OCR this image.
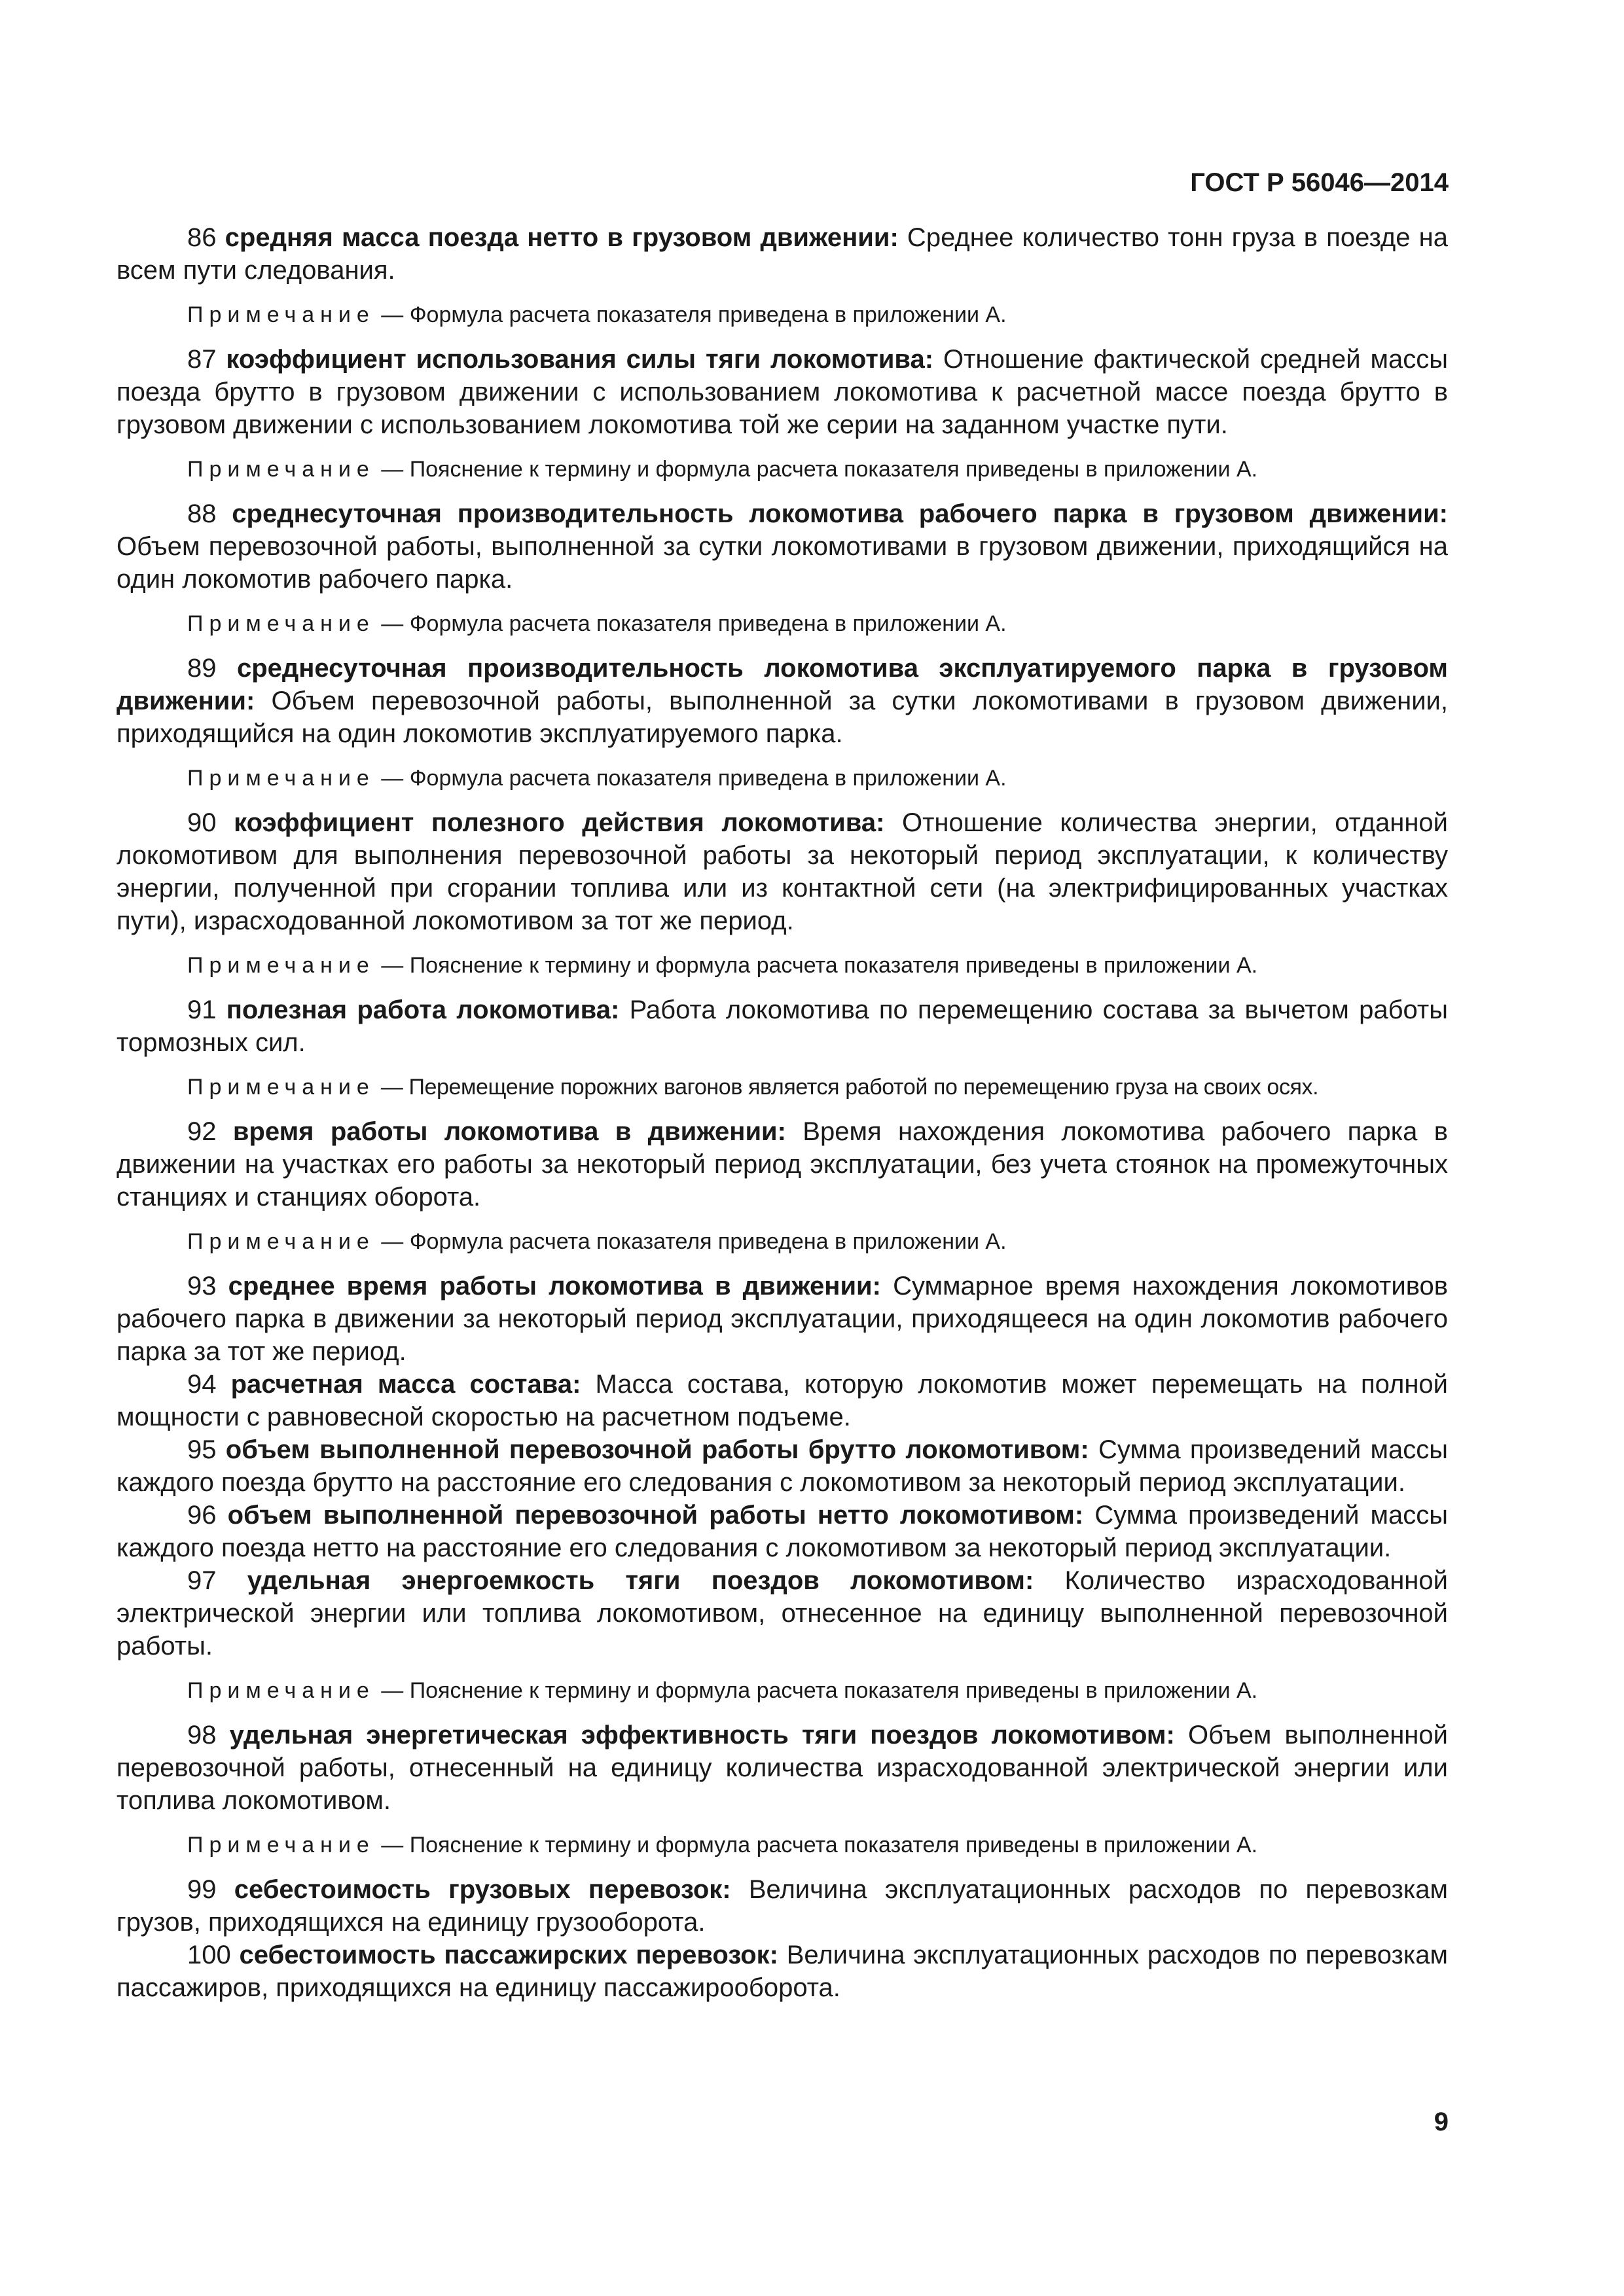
ГОСТ Р 56046—2014

86 средняя масса поезда нетто в грузовом движении: Среднее количество тонн груза в поезде на всем пути следования.

Примечание — Формула расчета показателя приведена в приложении А.

87 коэффициент использования силы тяги локомотива: Отношение фактической средней массы поезда брутто в грузовом движении с использованием локомотива к расчетной массе поезда брутто в грузовом движении с использованием локомотива той же серии на заданном участке пути.

Примечание — Пояснение к термину и формула расчета показателя приведены в приложении А.

88 среднесуточная производительность локомотива рабочего парка в грузовом движении: Объем перевозочной работы, выполненной за сутки локомотивами в грузовом движении, приходящийся на один локомотив рабочего парка.

Примечание — Формула расчета показателя приведена в приложении А.

89 среднесуточная производительность локомотива эксплуатируемого парка в грузовом движении: Объем перевозочной работы, выполненной за сутки локомотивами в грузовом движении, приходящийся на один локомотив эксплуатируемого парка.

Примечание — Формула расчета показателя приведена в приложении А.

90 коэффициент полезного действия локомотива: Отношение количества энергии, отданной локомотивом для выполнения перевозочной работы за некоторый период эксплуатации, к количеству энергии, полученной при сгорании топлива или из контактной сети (на электрифицированных участках пути), израсходованной локомотивом за тот же период.

Примечание — Пояснение к термину и формула расчета показателя приведены в приложении А.

91 полезная работа локомотива: Работа локомотива по перемещению состава за вычетом работы тормозных сил.

Примечание — Перемещение порожних вагонов является работой по перемещению груза на своих осях.

92 время работы локомотива в движении: Время нахождения локомотива рабочего парка в движении на участках его работы за некоторый период эксплуатации, без учета стоянок на промежуточных станциях и станциях оборота.

Примечание — Формула расчета показателя приведена в приложении А.

93 среднее время работы локомотива в движении: Суммарное время нахождения локомотивов рабочего парка в движении за некоторый период эксплуатации, приходящееся на один локомотив рабочего парка за тот же период.

94 расчетная масса состава: Масса состава, которую локомотив может перемещать на полной мощности с равновесной скоростью на расчетном подъеме.

95 объем выполненной перевозочной работы брутто локомотивом: Сумма произведений массы каждого поезда брутто на расстояние его следования с локомотивом за некоторый период эксплуатации.

96 объем выполненной перевозочной работы нетто локомотивом: Сумма произведений массы каждого поезда нетто на расстояние его следования с локомотивом за некоторый период эксплуатации.

97 удельная энергоемкость тяги поездов локомотивом: Количество израсходованной электрической энергии или топлива локомотивом, отнесенное на единицу выполненной перевозочной работы.

Примечание — Пояснение к термину и формула расчета показателя приведены в приложении А.

98 удельная энергетическая эффективность тяги поездов локомотивом: Объем выполненной перевозочной работы, отнесенный на единицу количества израсходованной электрической энергии или топлива локомотивом.

Примечание — Пояснение к термину и формула расчета показателя приведены в приложении А.

99 себестоимость грузовых перевозок: Величина эксплуатационных расходов по перевозкам грузов, приходящихся на единицу грузооборота.

100 себестоимость пассажирских перевозок: Величина эксплуатационных расходов по перевозкам пассажиров, приходящихся на единицу пассажирооборота.

9
